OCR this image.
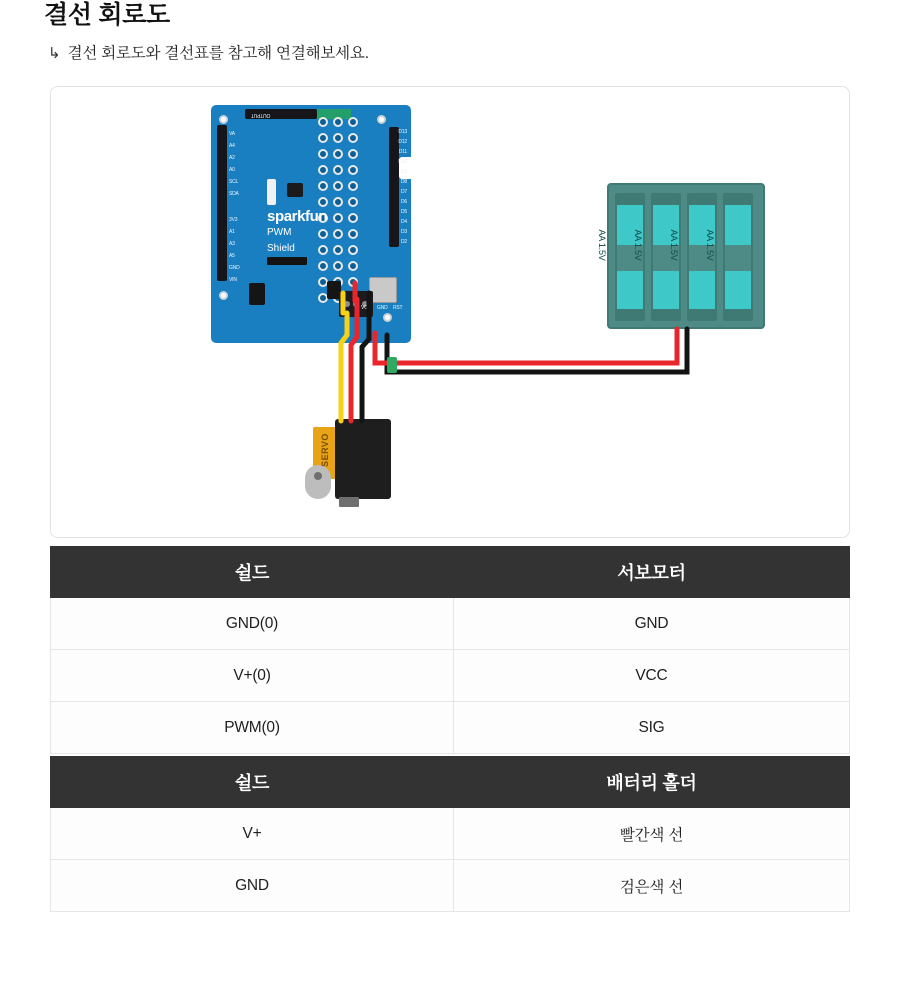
결선 회로도
↳ 결선 회로도와 결선표를 참고해 연결해보세요.
sparkfun
PWM
Shield
OUTPUT
VA
A4
A2
A0
SCL
SDA
3V3
A1
A3
A5
GND
VIN
D13
D12
D11
D10
D9
D8
D7
D6
D5
D4
D3
D2
VCC GND RST
AA 1.5V	AA 1.5V	AA 1.5V	AA 1.5V
SERVO
쉴드	서보모터
GND(0)	GND
V+(0)	VCC
PWM(0)	SIG
쉴드	배터리 홀더
V+	빨간색 선
GND	검은색 선
